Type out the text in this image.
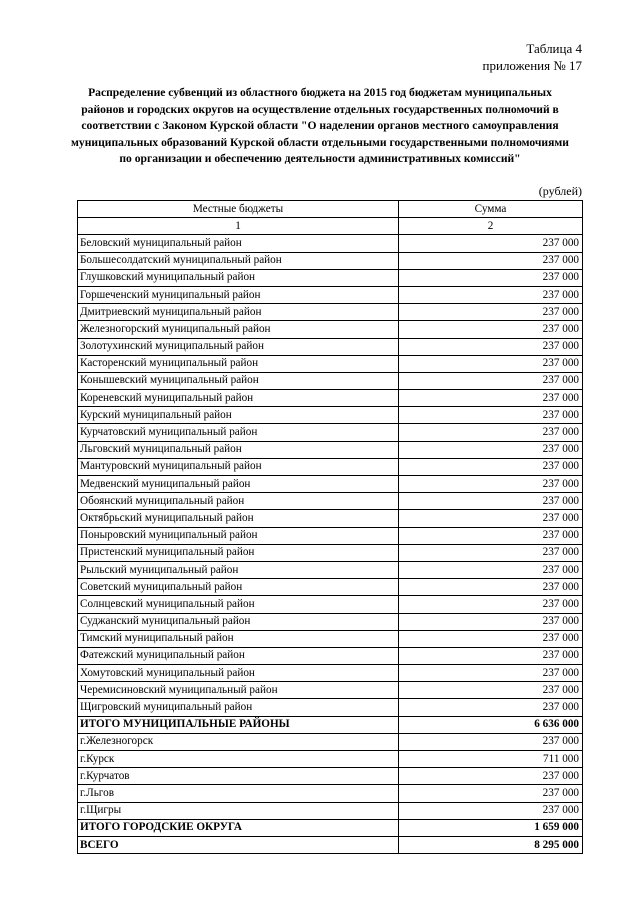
Таблица 4
приложения № 17
Распределение субвенций из областного бюджета на 2015 год бюджетам муниципальных районов и городских округов на осуществление отдельных государственных полномочий в соответствии с Законом Курской области "О наделении органов местного самоуправления муниципальных образований Курской области отдельными государственными полномочиями по организации и обеспечению деятельности административных комиссий"
(рублей)
Местные бюджеты	Сумма
1	2
Беловский муниципальный район	237 000
Большесолдатский муниципальный район	237 000
Глушковский муниципальный район	237 000
Горшеченский муниципальный район	237 000
Дмитриевский муниципальный район	237 000
Железногорский муниципальный район	237 000
Золотухинский муниципальный район	237 000
Касторенский муниципальный район	237 000
Конышевский муниципальный район	237 000
Кореневский муниципальный район	237 000
Курский муниципальный район	237 000
Курчатовский муниципальный район	237 000
Льговский муниципальный район	237 000
Мантуровский муниципальный район	237 000
Медвенский муниципальный район	237 000
Обоянский муниципальный район	237 000
Октябрьский муниципальный район	237 000
Поныровский муниципальный район	237 000
Пристенский муниципальный район	237 000
Рыльский муниципальный район	237 000
Советский муниципальный район	237 000
Солнцевский муниципальный район	237 000
Суджанский муниципальный район	237 000
Тимский муниципальный район	237 000
Фатежский муниципальный район	237 000
Хомутовский муниципальный район	237 000
Черемисиновский муниципальный район	237 000
Щигровский муниципальный район	237 000
ИТОГО МУНИЦИПАЛЬНЫЕ РАЙОНЫ	6 636 000
г.Железногорск	237 000
г.Курск	711 000
г.Курчатов	237 000
г.Льгов	237 000
г.Щигры	237 000
ИТОГО ГОРОДСКИЕ ОКРУГА	1 659 000
ВСЕГО	8 295 000
